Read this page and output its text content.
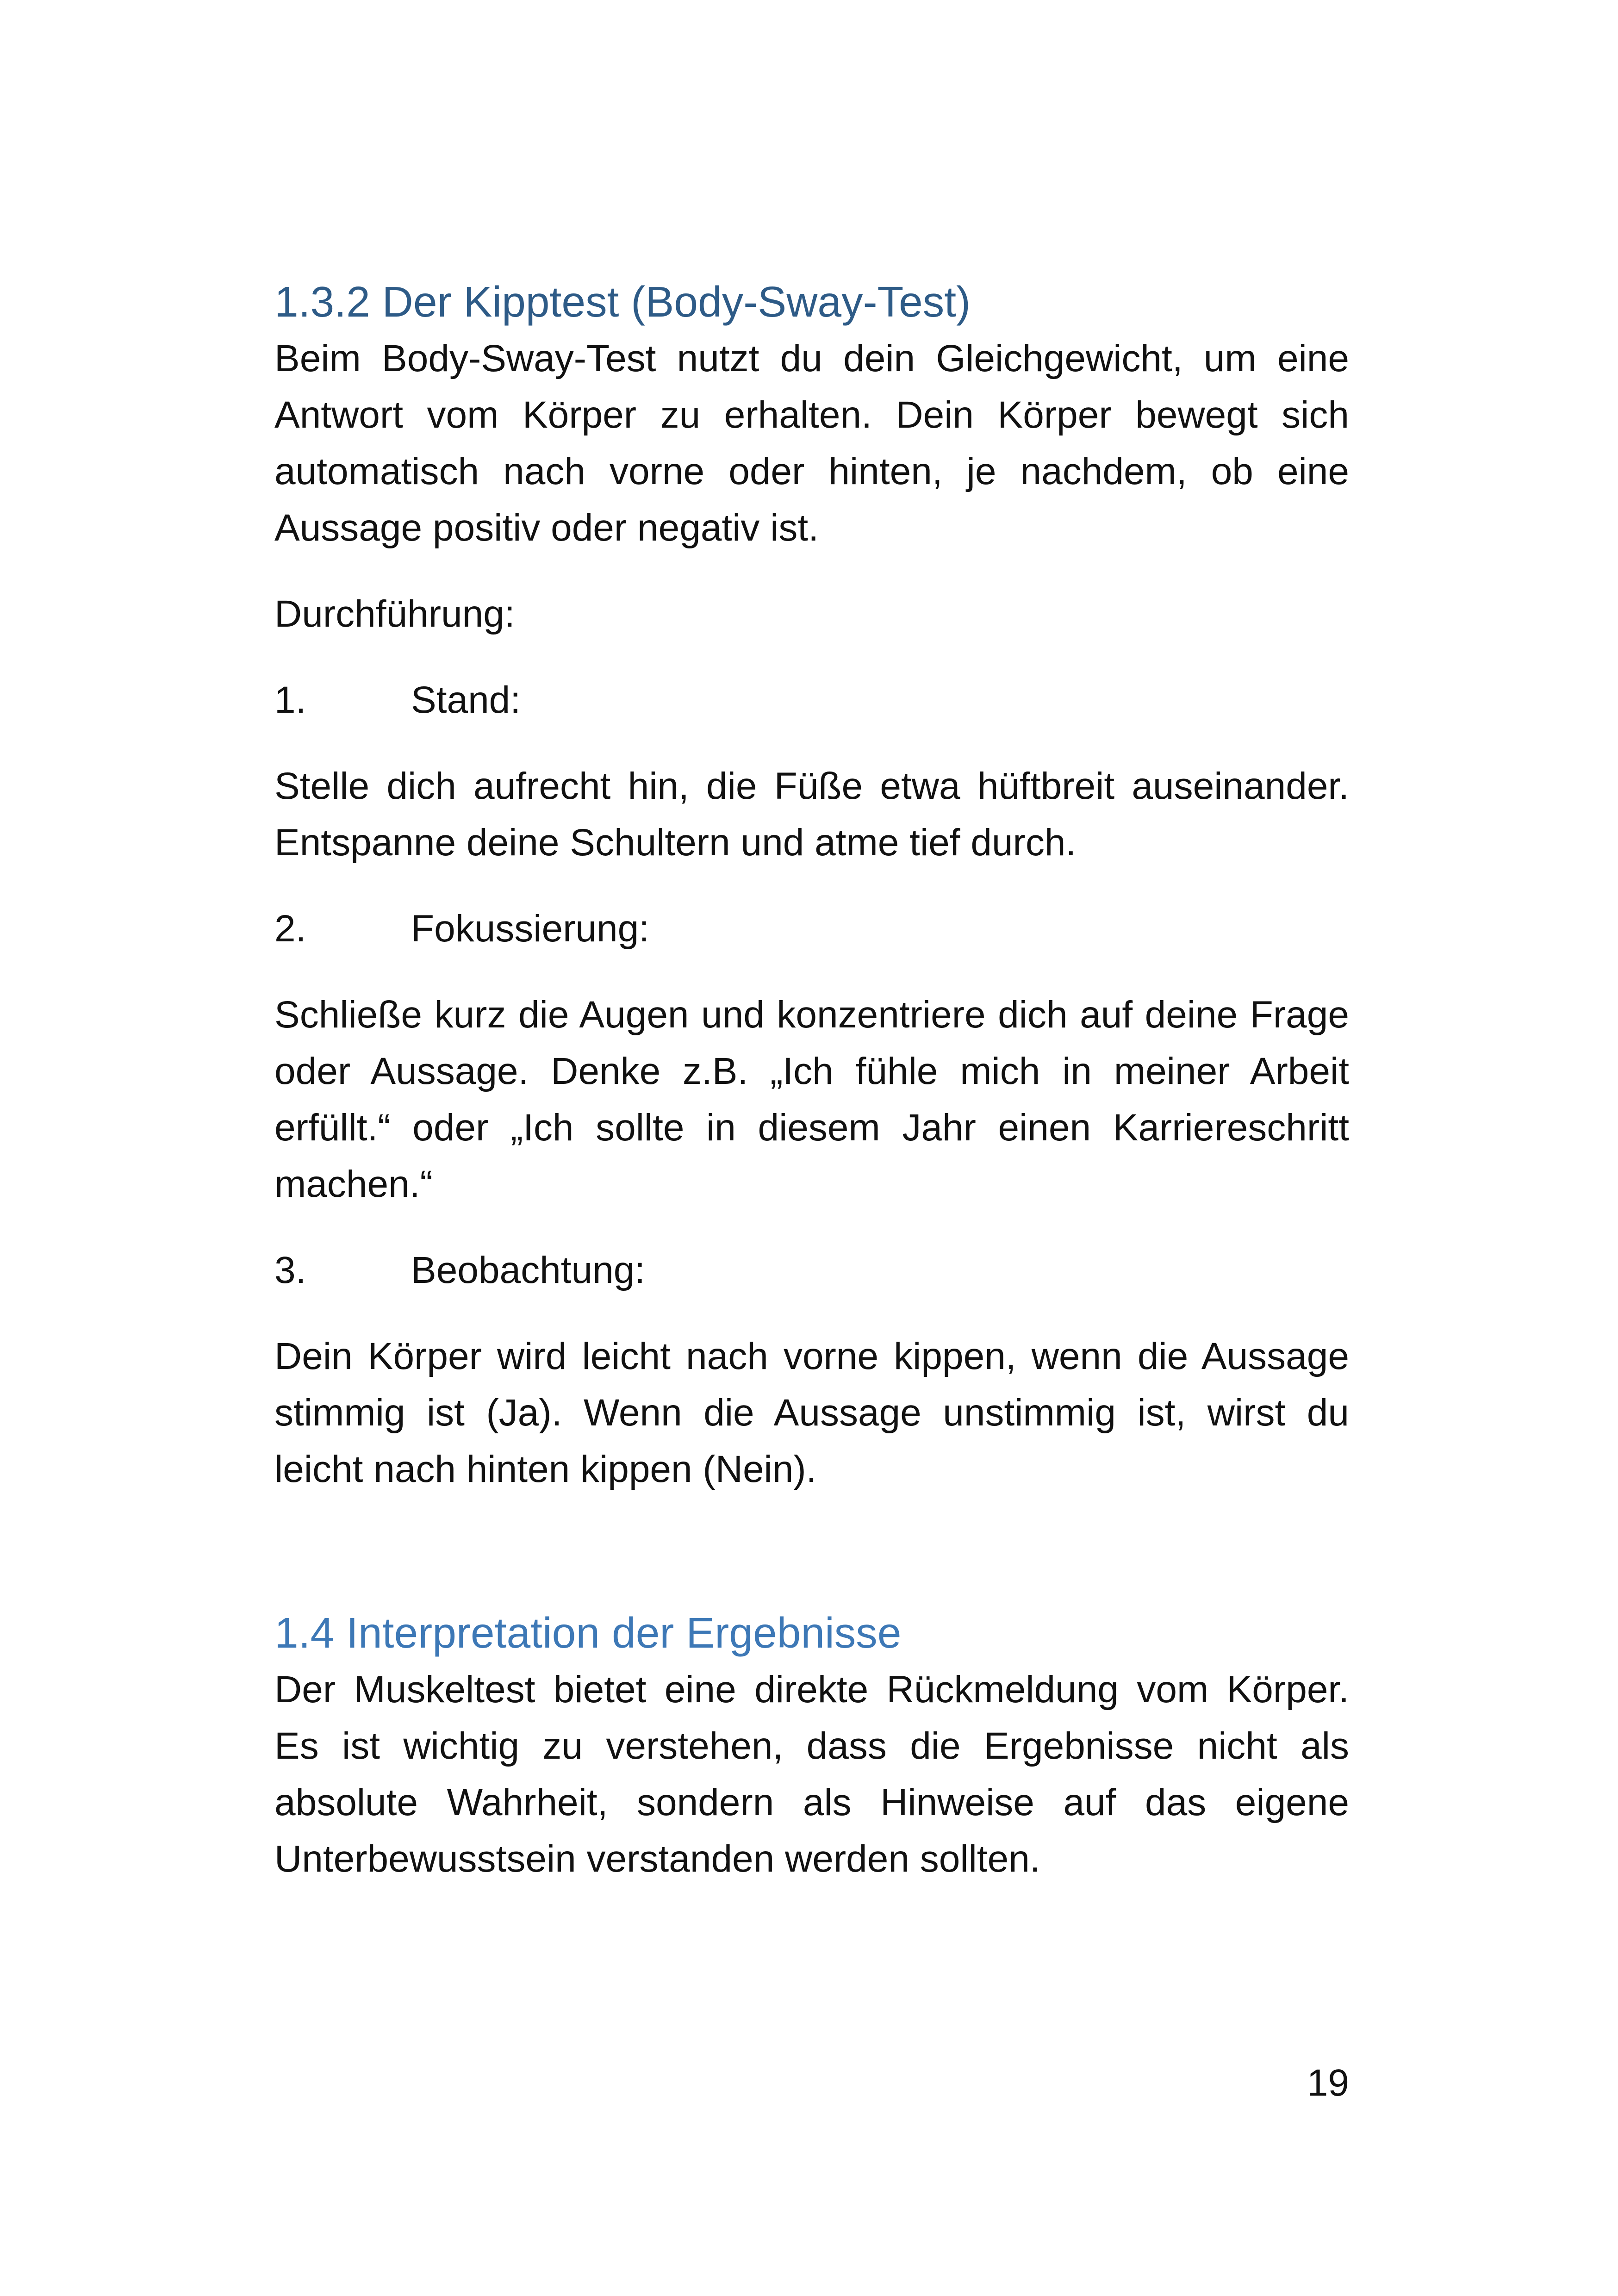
1.3.2 Der Kipptest (Body-Sway-Test)

Beim Body-Sway-Test nutzt du dein Gleichgewicht, um eine Antwort vom Körper zu erhalten. Dein Körper bewegt sich automatisch nach vorne oder hinten, je nachdem, ob eine Aussage positiv oder negativ ist.

Durchführung:

1.	Stand:

Stelle dich aufrecht hin, die Füße etwa hüftbreit auseinander. Entspanne deine Schultern und atme tief durch.

2.	Fokussierung:

Schließe kurz die Augen und konzentriere dich auf deine Frage oder Aussage. Denke z.B. „Ich fühle mich in meiner Arbeit erfüllt.“ oder „Ich sollte in diesem Jahr einen Karriereschritt machen.“

3.	Beobachtung:

Dein Körper wird leicht nach vorne kippen, wenn die Aussage stimmig ist (Ja). Wenn die Aussage unstimmig ist, wirst du leicht nach hinten kippen (Nein).

1.4 Interpretation der Ergebnisse

Der Muskeltest bietet eine direkte Rückmeldung vom Körper. Es ist wichtig zu verstehen, dass die Ergebnisse nicht als absolute Wahrheit, sondern als Hinweise auf das eigene Unterbewusstsein verstanden werden sollten.

19
